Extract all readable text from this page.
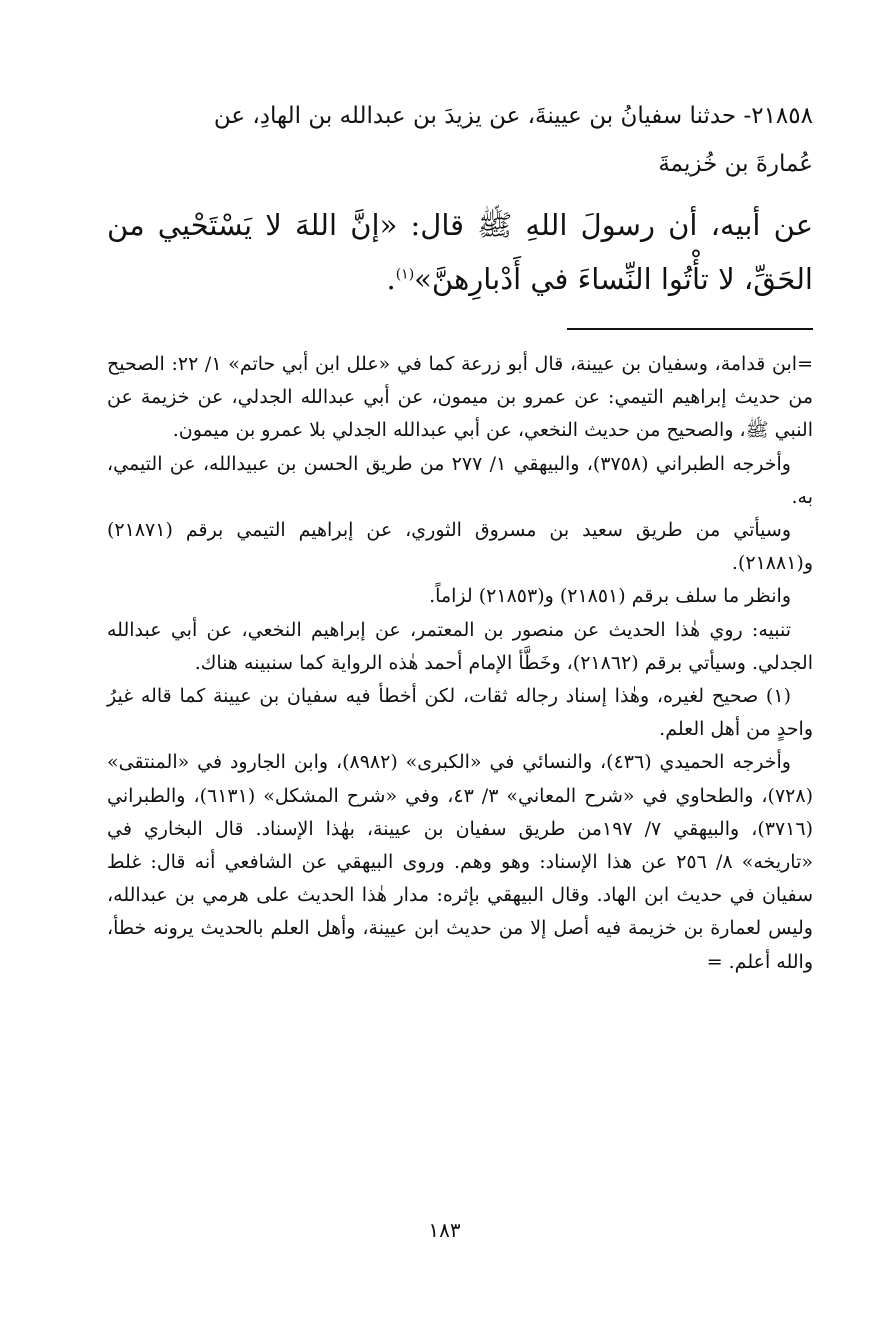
٢١٨٥٨- حدثنا سفيانُ بن عيينةَ، عن يزيدَ بن عبدالله بن الهادِ، عن
عُمارةَ بن خُزيمةَ

عن أبيه، أن رسولَ اللهِ ﷺ قال: «إنَّ اللهَ لا يَسْتَحْيي من الحَقِّ، لا تأْتُوا النِّساءَ في أَدْبارِهنَّ»$^{(١)}$.

=ابن قدامة، وسفيان بن عيينة، قال أبو زرعة كما في «علل ابن أبي حاتم» ١/ ٢٢: الصحيح من حديث إبراهيم التيمي: عن عمرو بن ميمون، عن أبي عبدالله الجدلي، عن خزيمة عن النبي ﷺ، والصحيح من حديث النخعي، عن أبي عبدالله الجدلي بلا عمرو بن ميمون.

وأخرجه الطبراني (٣٧٥٨)، والبيهقي ١/ ٢٧٧ من طريق الحسن بن عبيدالله، عن التيمي، به.

وسيأتي من طريق سعيد بن مسروق الثوري، عن إبراهيم التيمي برقم (٢١٨٧١) و(٢١٨٨١).

وانظر ما سلف برقم (٢١٨٥١) و(٢١٨٥٣) لزاماً.

تنبيه: روي هٰذا الحديث عن منصور بن المعتمر، عن إبراهيم النخعي، عن أبي عبدالله الجدلي. وسيأتي برقم (٢١٨٦٢)، وخَطَّأ الإمام أحمد هٰذه الرواية كما سنبينه هناك.

(١) صحيح لغيره، وهٰذا إسناد رجاله ثقات، لكن أخطأ فيه سفيان بن عيينة كما قاله غيرُ واحدٍ من أهل العلم.

وأخرجه الحميدي (٤٣٦)، والنسائي في «الكبرى» (٨٩٨٢)، وابن الجارود في «المنتقى» (٧٢٨)، والطحاوي في «شرح المعاني» ٣/ ٤٣، وفي «شرح المشكل» (٦١٣١)، والطبراني (٣٧١٦)، والبيهقي ٧/ ١٩٧من طريق سفيان بن عيينة، بهٰذا الإسناد. قال البخاري في «تاريخه» ٨/ ٢٥٦ عن هذا الإسناد: وهو وهم. وروى البيهقي عن الشافعي أنه قال: غلط سفيان في حديث ابن الهاد. وقال البيهقي بإثره: مدار هٰذا الحديث على هرمي بن عبدالله، وليس لعمارة بن خزيمة فيه أصل إلا من حديث ابن عيينة، وأهل العلم بالحديث يرونه خطأ، والله أعلم. =

١٨٣
